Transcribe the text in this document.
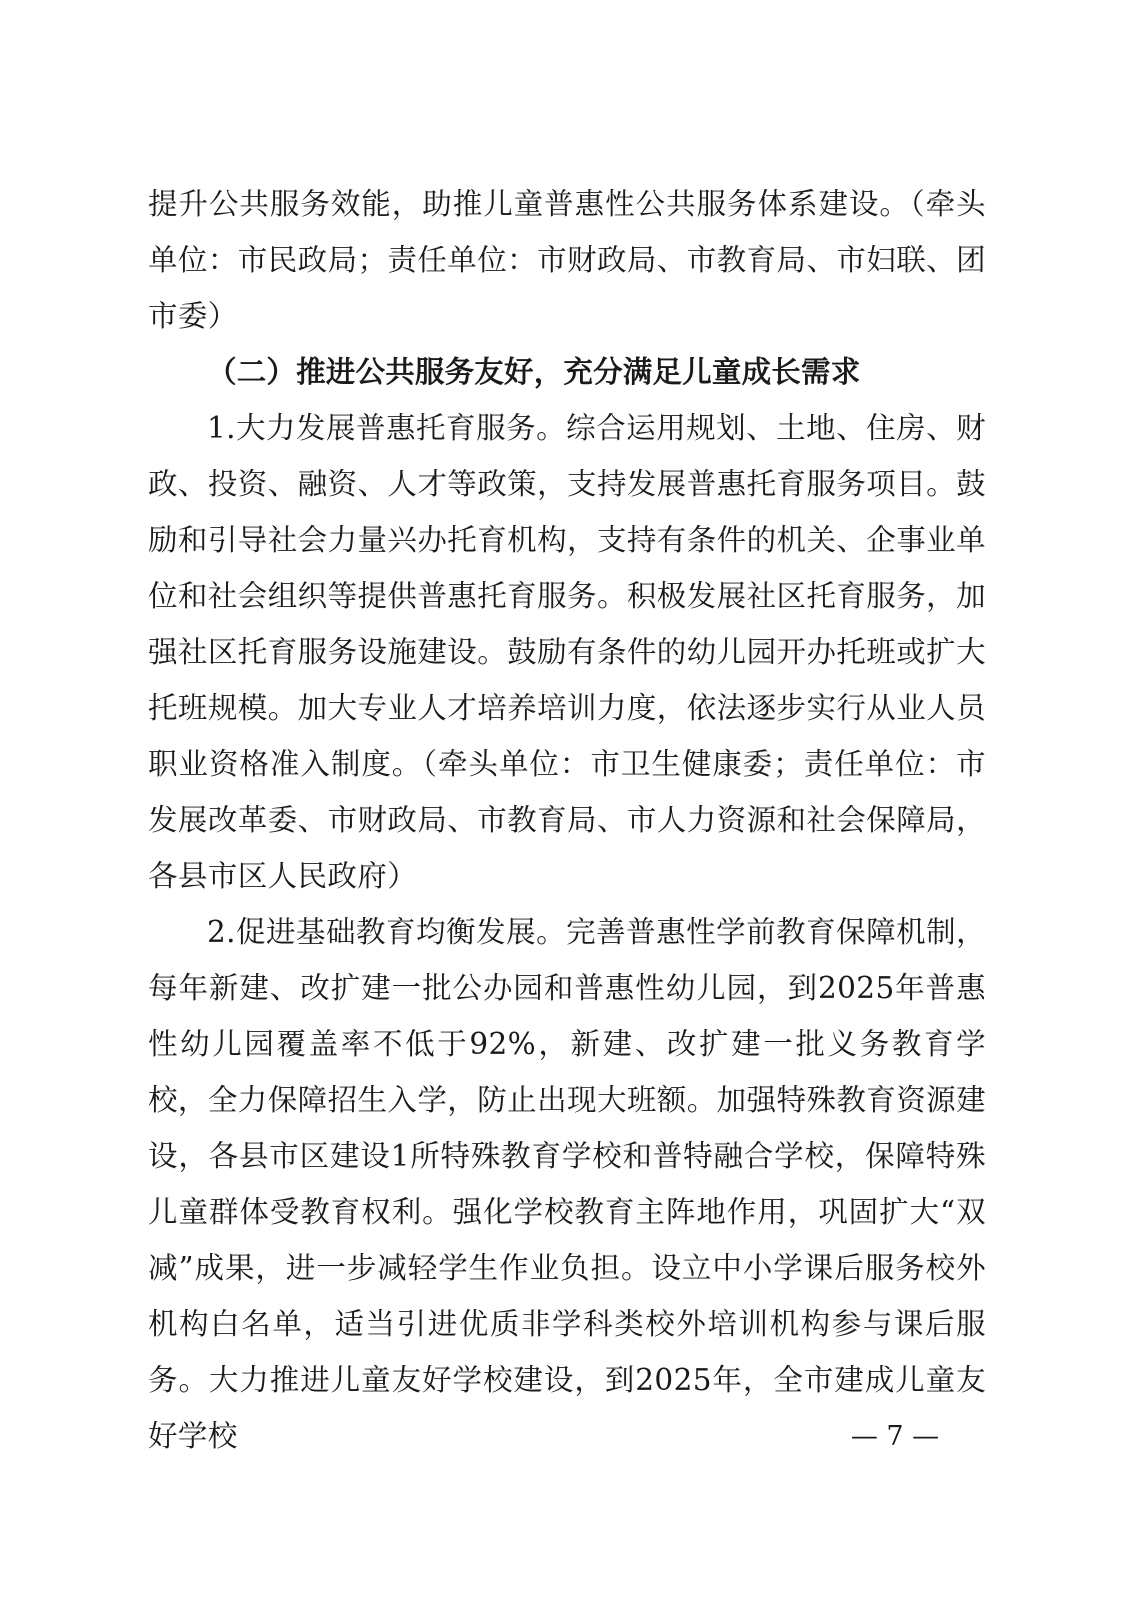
提升公共服务效能，助推儿童普惠性公共服务体系建设。（牵头单位：市民政局；责任单位：市财政局、市教育局、市妇联、团市委）

（二）推进公共服务友好，充分满足儿童成长需求

1.大力发展普惠托育服务。综合运用规划、土地、住房、财政、投资、融资、人才等政策，支持发展普惠托育服务项目。鼓励和引导社会力量兴办托育机构，支持有条件的机关、企事业单位和社会组织等提供普惠托育服务。积极发展社区托育服务，加强社区托育服务设施建设。鼓励有条件的幼儿园开办托班或扩大托班规模。加大专业人才培养培训力度，依法逐步实行从业人员职业资格准入制度。（牵头单位：市卫生健康委；责任单位：市发展改革委、市财政局、市教育局、市人力资源和社会保障局，各县市区人民政府）

2.促进基础教育均衡发展。完善普惠性学前教育保障机制，每年新建、改扩建一批公办园和普惠性幼儿园，到2025年普惠性幼儿园覆盖率不低于92%，新建、改扩建一批义务教育学校，全力保障招生入学，防止出现大班额。加强特殊教育资源建设，各县市区建设1所特殊教育学校和普特融合学校，保障特殊儿童群体受教育权利。强化学校教育主阵地作用，巩固扩大“双减”成果，进一步减轻学生作业负担。设立中小学课后服务校外机构白名单，适当引进优质非学科类校外培训机构参与课后服务。大力推进儿童友好学校建设，到2025年，全市建成儿童友好学校	— 7 —
